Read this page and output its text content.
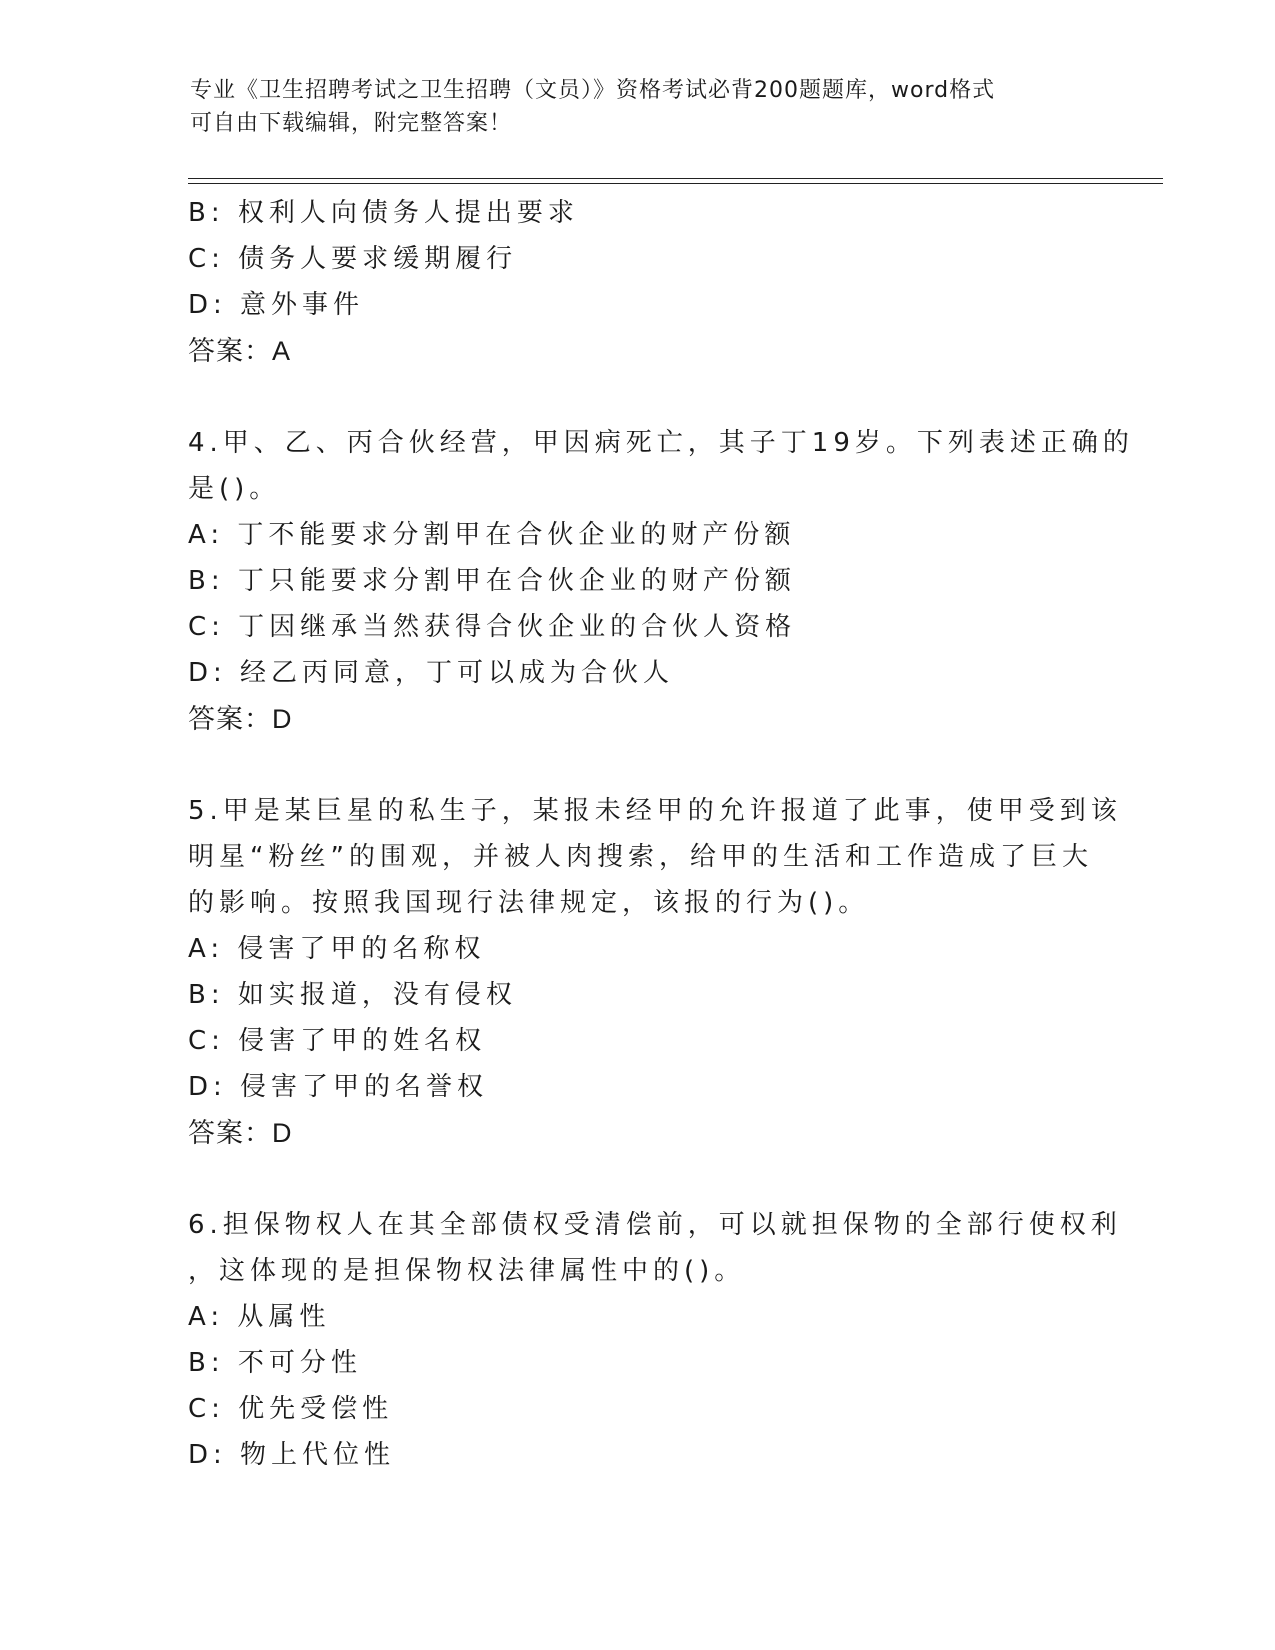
专业《卫生招聘考试之卫生招聘（文员）》资格考试必背200题题库，word格式
可自由下载编辑，附完整答案！
B: 权利人向债务人提出要求
C: 债务人要求缓期履行
D: 意外事件
答案：A
4.甲、乙、丙合伙经营，甲因病死亡，其子丁19岁。下列表述正确的
是()。
A: 丁不能要求分割甲在合伙企业的财产份额
B: 丁只能要求分割甲在合伙企业的财产份额
C: 丁因继承当然获得合伙企业的合伙人资格
D: 经乙丙同意，丁可以成为合伙人
答案：D
5.甲是某巨星的私生子，某报未经甲的允许报道了此事，使甲受到该
明星“粉丝”的围观，并被人肉搜索，给甲的生活和工作造成了巨大
的影响。按照我国现行法律规定，该报的行为()。
A: 侵害了甲的名称权
B: 如实报道，没有侵权
C: 侵害了甲的姓名权
D: 侵害了甲的名誉权
答案：D
6.担保物权人在其全部债权受清偿前，可以就担保物的全部行使权利
，这体现的是担保物权法律属性中的()。
A: 从属性
B: 不可分性
C: 优先受偿性
D: 物上代位性
